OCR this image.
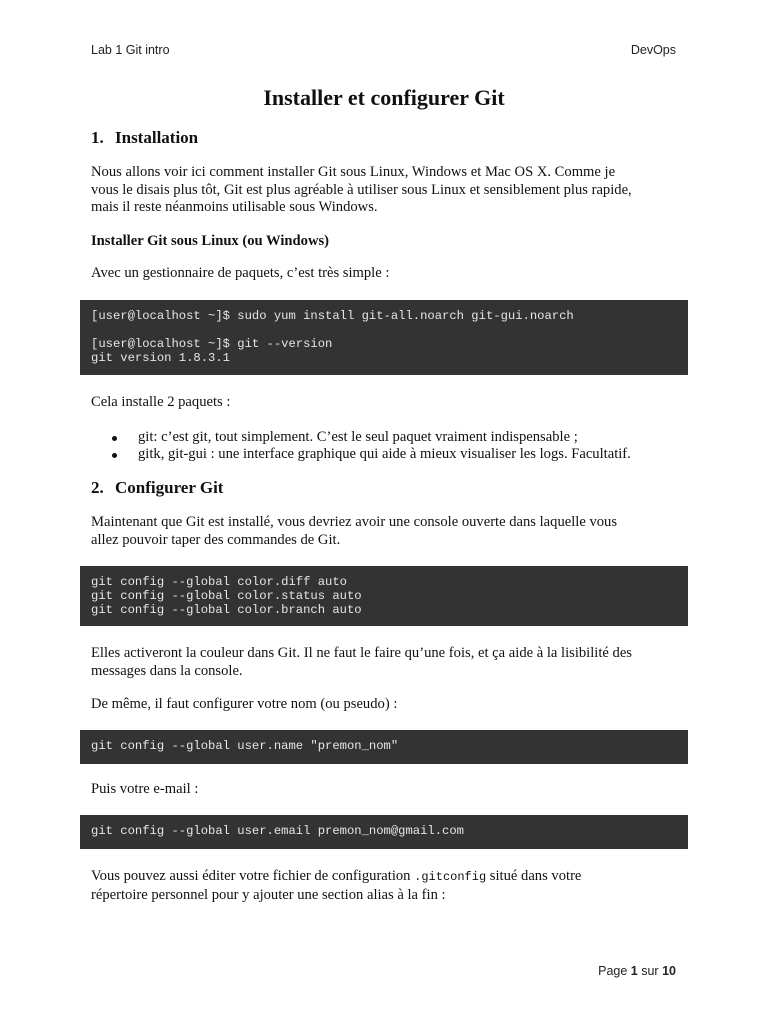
Lab 1 Git intro	DevOps
Installer et configurer Git
1. Installation
Nous allons voir ici comment installer Git sous Linux, Windows et Mac OS X. Comme je
vous le disais plus tôt, Git est plus agréable à utiliser sous Linux et sensiblement plus rapide,
mais il reste néanmoins utilisable sous Windows.
Installer Git sous Linux (ou Windows)
Avec un gestionnaire de paquets, c’est très simple :
[user@localhost ~]$ sudo yum install git-all.noarch git-gui.noarch
[user@localhost ~]$ git --version
git version 1.8.3.1
Cela installe 2 paquets :
git: c’est git, tout simplement. C’est le seul paquet vraiment indispensable ;
gitk, git-gui : une interface graphique qui aide à mieux visualiser les logs. Facultatif.
2. Configurer Git
Maintenant que Git est installé, vous devriez avoir une console ouverte dans laquelle vous
allez pouvoir taper des commandes de Git.
git config --global color.diff auto
git config --global color.status auto
git config --global color.branch auto
Elles activeront la couleur dans Git. Il ne faut le faire qu’une fois, et ça aide à la lisibilité des
messages dans la console.
De même, il faut configurer votre nom (ou pseudo) :
git config --global user.name "premon_nom"
Puis votre e-mail :
git config --global user.email premon_nom@gmail.com
Vous pouvez aussi éditer votre fichier de configuration .gitconfig situé dans votre
répertoire personnel pour y ajouter une section alias à la fin :
Page 1 sur 10
